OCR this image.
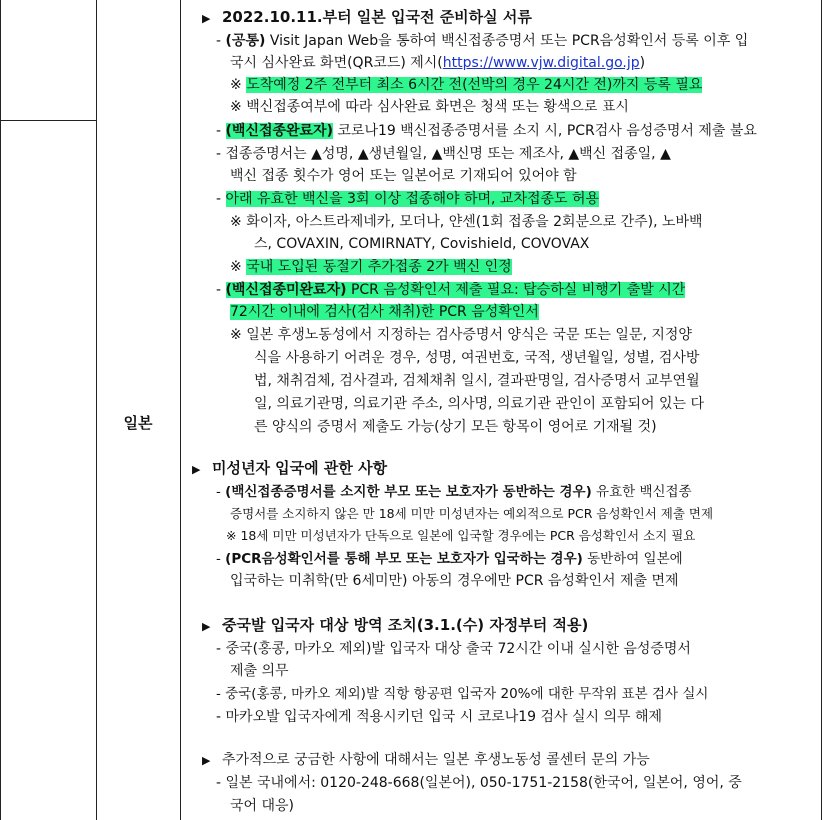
일본
▶ 2022.10.11.부터 일본 입국전 준비하실 서류
- (공통) Visit Japan Web을 통하여 백신접종증명서 또는 PCR음성확인서 등록 이후 입
국시 심사완료 화면(QR코드) 제시(https://www.vjw.digital.go.jp)
※ 도착예정 2주 전부터 최소 6시간 전(선박의 경우 24시간 전)까지 등록 필요
※ 백신접종여부에 따라 심사완료 화면은 청색 또는 황색으로 표시
- (백신접종완료자) 코로나19 백신접종증명서를 소지 시, PCR검사 음성증명서 제출 불요
- 접종증명서는 ▲성명, ▲생년월일, ▲백신명 또는 제조사, ▲백신 접종일, ▲
백신 접종 횟수가 영어 또는 일본어로 기재되어 있어야 함
- 아래 유효한 백신을 3회 이상 접종해야 하며, 교차접종도 허용
※ 화이자, 아스트라제네카, 모더나, 얀센(1회 접종을 2회분으로 간주), 노바백
스, COVAXIN, COMIRNATY, Covishield, COVOVAX
※ 국내 도입된 동절기 추가접종 2가 백신 인정
- (백신접종미완료자) PCR 음성확인서 제출 필요: 탑승하실 비행기 출발 시간
72시간 이내에 검사(검사 채취)한 PCR 음성확인서
※ 일본 후생노동성에서 지정하는 검사증명서 양식은 국문 또는 일문, 지정양
식을 사용하기 어려운 경우, 성명, 여권번호, 국적, 생년월일, 성별, 검사방
법, 채취검체, 검사결과, 검체채취 일시, 결과판명일, 검사증명서 교부연월
일, 의료기관명, 의료기관 주소, 의사명, 의료기관 관인이 포함되어 있는 다
른 양식의 증명서 제출도 가능(상기 모든 항목이 영어로 기재될 것)
▶ 미성년자 입국에 관한 사항
- (백신접종증명서를 소지한 부모 또는 보호자가 동반하는 경우) 유효한 백신접종
증명서를 소지하지 않은 만 18세 미만 미성년자는 예외적으로 PCR 음성확인서 제출 면제
※ 18세 미만 미성년자가 단독으로 일본에 입국할 경우에는 PCR 음성확인서 소지 필요
- (PCR음성확인서를 통해 부모 또는 보호자가 입국하는 경우) 동반하여 일본에
입국하는 미취학(만 6세미만) 아동의 경우에만 PCR 음성확인서 제출 면제
▶ 중국발 입국자 대상 방역 조치(3.1.(수) 자정부터 적용)
- 중국(홍콩, 마카오 제외)발 입국자 대상 출국 72시간 이내 실시한 음성증명서
제출 의무
- 중국(홍콩, 마카오 제외)발 직항 항공편 입국자 20%에 대한 무작위 표본 검사 실시
- 마카오발 입국자에게 적용시키던 입국 시 코로나19 검사 실시 의무 해제
▶ 추가적으로 궁금한 사항에 대해서는 일본 후생노동성 콜센터 문의 가능
- 일본 국내에서: 0120-248-668(일본어), 050-1751-2158(한국어, 일본어, 영어, 중
국어 대응)
